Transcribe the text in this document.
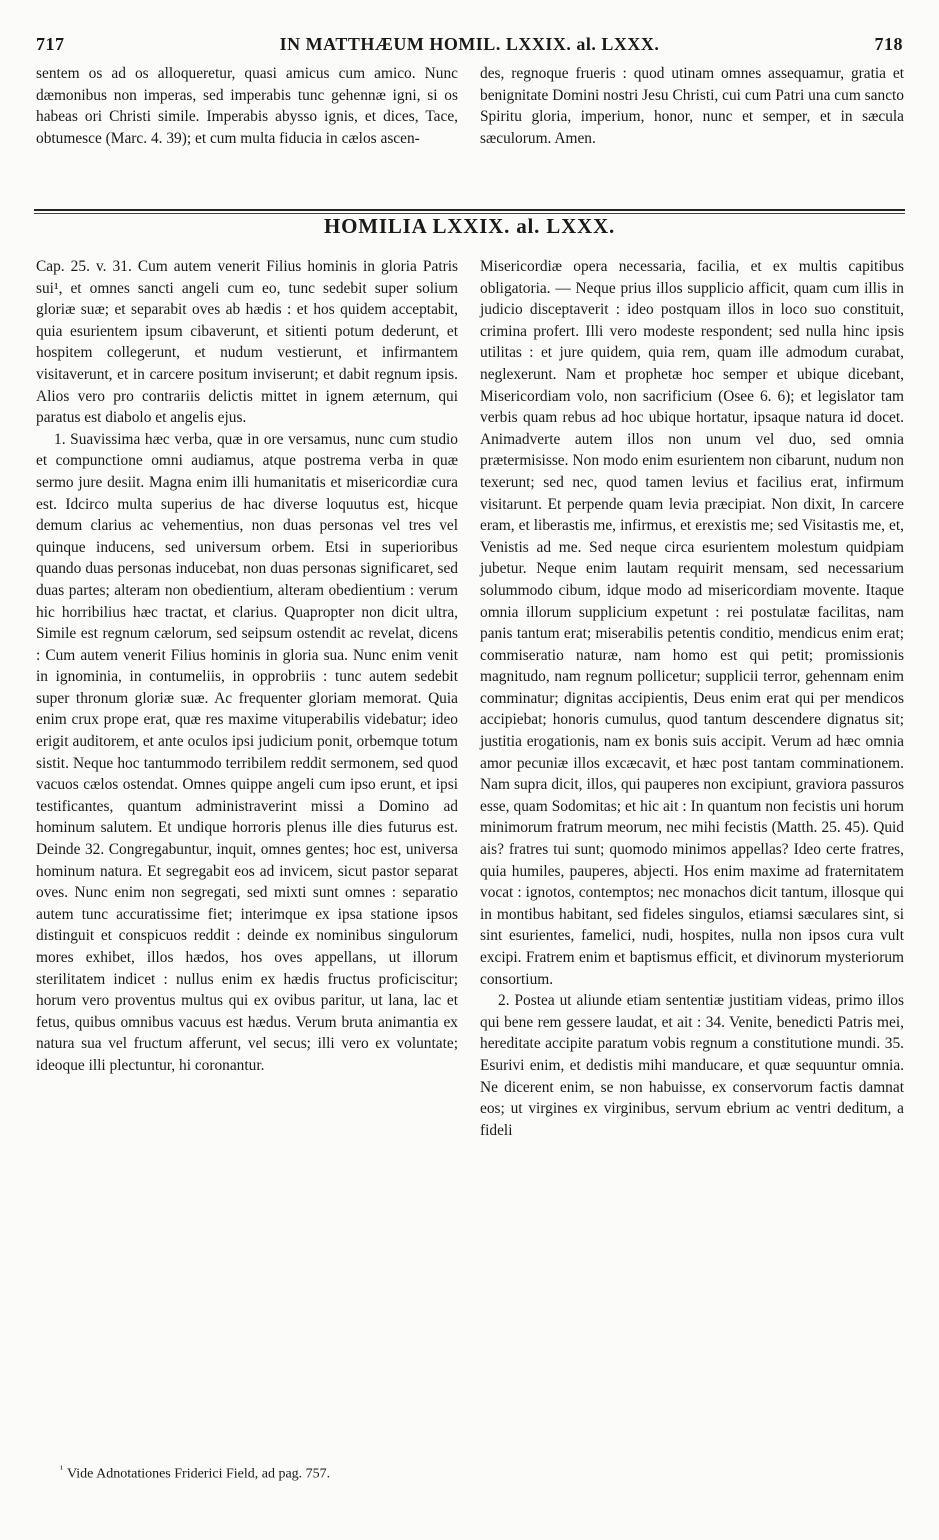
717	IN MATTHÆUM HOMIL. LXXIX. al. LXXX.	718

sentem os ad os alloqueretur, quasi amicus cum amico. Nunc dæmonibus non imperas, sed imperabis tunc gehennæ igni, si os habeas ori Christi simile. Imperabis abysso ignis, et dices, Tace, obtumesce (Marc. 4. 39); et cum multa fiducia in cælos ascen-

des, regnoque frueris : quod utinam omnes assequamur, gratia et benignitate Domini nostri Jesu Christi, cui cum Patri una cum sancto Spiritu gloria, imperium, honor, nunc et semper, et in sæcula sæculorum. Amen.

HOMILIA LXXIX. al. LXXX.

Cap. 25. v. 31. Cum autem venerit Filius hominis in gloria Patris sui¹, et omnes sancti angeli cum eo, tunc sedebit super solium gloriæ suæ; et separabit oves ab hædis : et hos quidem acceptabit, quia esurientem ipsum cibaverunt, et sitienti potum dederunt, et hospitem collegerunt, et nudum vestierunt, et infirmantem visitaverunt, et in carcere positum inviserunt; et dabit regnum ipsis. Alios vero pro contrariis delictis mittet in ignem æternum, qui paratus est diabolo et angelis ejus.

1. Suavissima hæc verba, quæ in ore versamus, nunc cum studio et compunctione omni audiamus, atque postrema verba in quæ sermo jure desiit. Magna enim illi humanitatis et misericordiæ cura est. Idcirco multa superius de hac diverse loquutus est, hicque demum clarius ac vehementius, non duas personas vel tres vel quinque inducens, sed universum orbem. Etsi in superioribus quando duas personas inducebat, non duas personas significaret, sed duas partes; alteram non obedientium, alteram obedientium : verum hic horribilius hæc tractat, et clarius. Quapropter non dicit ultra, Simile est regnum cælorum, sed seipsum ostendit ac revelat, dicens : Cum autem venerit Filius hominis in gloria sua. Nunc enim venit in ignominia, in contumeliis, in opprobriis : tunc autem sedebit super thronum gloriæ suæ. Ac frequenter gloriam memorat. Quia enim crux prope erat, quæ res maxime vituperabilis videbatur; ideo erigit auditorem, et ante oculos ipsi judicium ponit, orbemque totum sistit. Neque hoc tantummodo terribilem reddit sermonem, sed quod vacuos cælos ostendat. Omnes quippe angeli cum ipso erunt, et ipsi testificantes, quantum administraverint missi a Domino ad hominum salutem. Et undique horroris plenus ille dies futurus est. Deinde 32. Congregabuntur, inquit, omnes gentes; hoc est, universa hominum natura. Et segregabit eos ad invicem, sicut pastor separat oves. Nunc enim non segregati, sed mixti sunt omnes : separatio autem tunc accuratissime fiet; interimque ex ipsa statione ipsos distinguit et conspicuos reddit : deinde ex nominibus singulorum mores exhibet, illos hædos, hos oves appellans, ut illorum sterilitatem indicet : nullus enim ex hædis fructus proficiscitur; horum vero proventus multus qui ex ovibus paritur, ut lana, lac et fetus, quibus omnibus vacuus est hædus. Verum bruta animantia ex natura sua vel fructum afferunt, vel secus; illi vero ex voluntate; ideoque illi plectuntur, hi coronantur.

Misericordiæ opera necessaria, facilia, et ex multis capitibus obligatoria. — Neque prius illos supplicio afficit, quam cum illis in judicio disceptaverit : ideo postquam illos in loco suo constituit, crimina profert. Illi vero modeste respondent; sed nulla hinc ipsis utilitas : et jure quidem, quia rem, quam ille admodum curabat, neglexerunt. Nam et prophetæ hoc semper et ubique dicebant, Misericordiam volo, non sacrificium (Osee 6. 6); et legislator tam verbis quam rebus ad hoc ubique hortatur, ipsaque natura id docet. Animadverte autem illos non unum vel duo, sed omnia prætermisisse. Non modo enim esurientem non cibarunt, nudum non texerunt; sed nec, quod tamen levius et facilius erat, infirmum visitarunt. Et perpende quam levia præcipiat. Non dixit, In carcere eram, et liberastis me, infirmus, et erexistis me; sed Visitastis me, et, Venistis ad me. Sed neque circa esurientem molestum quidpiam jubetur. Neque enim lautam requirit mensam, sed necessarium solummodo cibum, idque modo ad misericordiam movente. Itaque omnia illorum supplicium expetunt : rei postulatæ facilitas, nam panis tantum erat; miserabilis petentis conditio, mendicus enim erat; commiseratio naturæ, nam homo est qui petit; promissionis magnitudo, nam regnum pollicetur; supplicii terror, gehennam enim comminatur; dignitas accipientis, Deus enim erat qui per mendicos accipiebat; honoris cumulus, quod tantum descendere dignatus sit; justitia erogationis, nam ex bonis suis accipit. Verum ad hæc omnia amor pecuniæ illos excæcavit, et hæc post tantam comminationem. Nam supra dicit, illos, qui pauperes non excipiunt, graviora passuros esse, quam Sodomitas; et hic ait : In quantum non fecistis uni horum minimorum fratrum meorum, nec mihi fecistis (Matth. 25. 45). Quid ais? fratres tui sunt; quomodo minimos appellas? Ideo certe fratres, quia humiles, pauperes, abjecti. Hos enim maxime ad fraternitatem vocat : ignotos, contemptos; nec monachos dicit tantum, illosque qui in montibus habitant, sed fideles singulos, etiamsi sæculares sint, si sint esurientes, famelici, nudi, hospites, nulla non ipsos cura vult excipi. Fratrem enim et baptismus efficit, et divinorum mysteriorum consortium.

2. Postea ut aliunde etiam sententiæ justitiam videas, primo illos qui bene rem gessere laudat, et ait : 34. Venite, benedicti Patris mei, hereditate accipite paratum vobis regnum a constitutione mundi. 35. Esurivi enim, et dedistis mihi manducare, et quæ sequuntur omnia. Ne dicerent enim, se non habuisse, ex conservorum factis damnat eos; ut virgines ex virginibus, servum ebrium ac ventri deditum, a fideli

$^{^1}$ Vide Adnotationes Friderici Field, ad pag. 757.
